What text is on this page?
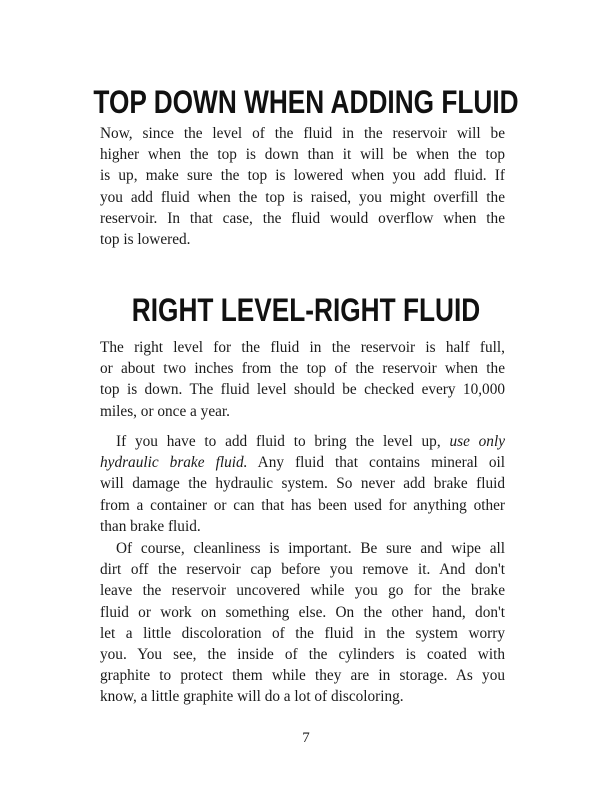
TOP DOWN WHEN ADDING FLUID
Now, since the level of the fluid in the reservoir will be
higher when the top is down than it will be when the top
is up, make sure the top is lowered when you add fluid. If
you add fluid when the top is raised, you might overfill the
reservoir. In that case, the fluid would overflow when the
top is lowered.
RIGHT LEVEL-RIGHT FLUID
The right level for the fluid in the reservoir is half full,
or about two inches from the top of the reservoir when the
top is down. The fluid level should be checked every 10,000
miles, or once a year.
If you have to add fluid to bring the level up, use only
hydraulic brake fluid. Any fluid that contains mineral oil
will damage the hydraulic system. So never add brake fluid
from a container or can that has been used for anything other
than brake fluid.
Of course, cleanliness is important. Be sure and wipe all
dirt off the reservoir cap before you remove it. And don't
leave the reservoir uncovered while you go for the brake
fluid or work on something else. On the other hand, don't
let a little discoloration of the fluid in the system worry
you. You see, the inside of the cylinders is coated with
graphite to protect them while they are in storage. As you
know, a little graphite will do a lot of discoloring.
7
